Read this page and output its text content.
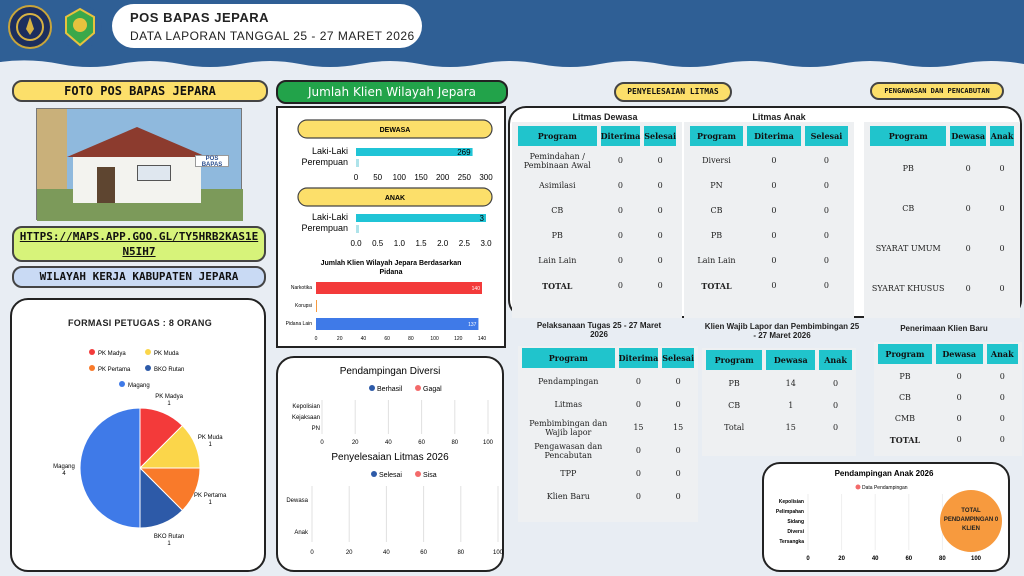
POS BAPAS JEPARA
DATA LAPORAN TANGGAL 25 - 27 MARET 2026
FOTO POS BAPAS JEPARA
POS BAPAS
HTTPS://MAPS.APP.GOO.GL/TY5HRB2KAS1EN5IH7
WILAYAH KERJA KABUPATEN JEPARA
FORMASI PETUGAS : 8 ORANG
PK Madya	PK Muda
PK Pertama	BKO Rutan
Magang
PK Madya
1
PK Muda
1
PK Pertama
1
BKO Rutan
1
Magang
4
Jumlah Klien Wilayah Jepara
DEWASA
Laki-Laki
Perempuan
269
0 50 100 150 200 250 300
ANAK
Laki-Laki
Perempuan
3
0.0 0.5 1.0 1.5 2.0 2.5 3.0
Jumlah Klien Wilayah Jepara Berdasarkan
Pidana
Narkotika	140
Korupsi
Pidana Lain	137
0	20	40	60	80	100	120	140
Pendampingan Diversi
Berhasil	Gagal
Kepolisian
Kejaksaan
PN
0	20	40	60	80	100
Penyelesaian Litmas 2026
Selesai	Sisa
Dewasa
Anak
0	20	40	60	80	100
PENYELESAIAN LITMAS	PENGAWASAN DAN PENCABUTAN
Litmas Dewasa	Litmas Anak
Program	Diterima	Selesai
Pemindahan / Pembinaan Awal	0	0
Asimilasi	0	0
CB	0	0
PB	0	0
Lain Lain	0	0
TOTAL	0	0
Program	Diterima	Selesai
Diversi	0	0
PN	0	0
CB	0	0
PB	0	0
Lain Lain	0	0
TOTAL	0	0
Program	Dewasa	Anak
PB	0	0
CB	0	0
SYARAT UMUM	0	0
SYARAT KHUSUS	0	0
Pelaksanaan Tugas 25 - 27 Maret 2026
Program	Diterima	Selesai
Pendampingan	0	0
Litmas	0	0
Pembimbingan dan Wajib lapor	15	15
Pengawasan dan Pencabutan	0	0
TPP	0	0
Klien Baru	0	0
Klien Wajib Lapor dan Pembimbingan 25 - 27 Maret 2026
Program	Dewasa	Anak
PB	14	0
CB	1	0
Total	15	0
Penerimaan Klien Baru
Program	Dewasa	Anak
PB	0	0
CB	0	0
CMB	0	0
TOTAL	0	0
Pendampingan Anak 2026
Data Pendampingan
Kepolisian
Pelimpahan
Sidang
Diversi
Tersangka
0	20	40	60	80	100
TOTAL PENDAMPINGAN 0 KLIEN
